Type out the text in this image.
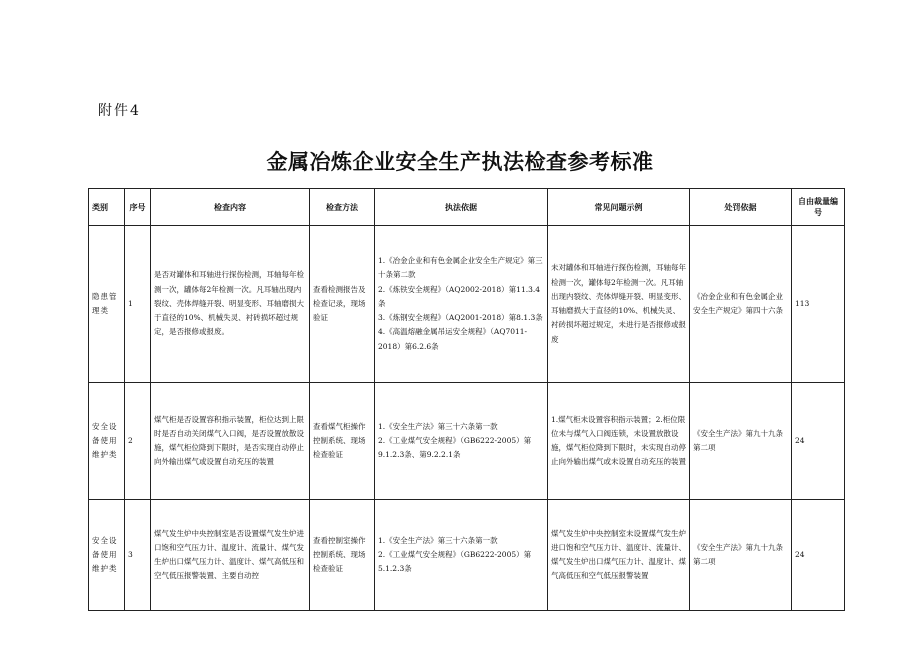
附件4
金属冶炼企业安全生产执法检查参考标准
类别	序号	检查内容	检查方法	执法依据	常见问题示例	处罚依据	自由裁量编号
隐患管理类	1	是否对罐体和耳轴进行探伤检测，耳轴每年检测一次，罐体每2年检测一次。凡耳轴出现内裂纹、壳体焊缝开裂、明显变形、耳轴磨损大于直径的10%、机械失灵、衬砖损坏超过规定，是否报修或报废。	查看检测报告及检查记录，现场验证	1.《冶金企业和有色金属企业安全生产规定》第三十条第二款
2.《炼铁安全规程》（AQ2002-2018）第11.3.4条
3.《炼钢安全规程》（AQ2001-2018）第8.1.3条
4.《高温熔融金属吊运安全规程》（AQ7011-2018）第6.2.6条	未对罐体和耳轴进行探伤检测，耳轴每年检测一次，罐体每2年检测一次。凡耳轴出现内裂纹、壳体焊缝开裂、明显变形、耳轴磨损大于直径的10%、机械失灵、衬砖损坏超过规定，未进行是否报修或报废	《冶金企业和有色金属企业安全生产规定》第四十六条	113
安全设备使用维护类	2	煤气柜是否设置容积指示装置，柜位达到上限时是否自动关闭煤气入口阀，是否设置放散设施，煤气柜位降到下限时，是否实现自动停止向外输出煤气或设置自动充压的装置	查看煤气柜操作控制系统、现场检查验证	1.《安全生产法》第三十六条第一款
2.《工业煤气安全规程》（GB6222-2005）第9.1.2.3条、第9.2.2.1条	1.煤气柜未设置容积指示装置；2.柜位限位未与煤气入口阀连锁，未设置放散设施，煤气柜位降到下限时，未实现自动停止向外输出煤气或未设置自动充压的装置	《安全生产法》第九十九条第二项	24
安全设备使用维护类	3	煤气发生炉中央控制室是否设置煤气发生炉进口饱和空气压力计、温度计、流量计、煤气发生炉出口煤气压力计、温度计、煤气高低压和空气低压报警装置、主要自动控	查看控制室操作控制系统、现场检查验证	1.《安全生产法》第三十六条第一款
2.《工业煤气安全规程》（GB6222-2005）第5.1.2.3条	煤气发生炉中央控制室未设置煤气发生炉进口饱和空气压力计、温度计、流量计、煤气发生炉出口煤气压力计、温度计、煤气高低压和空气低压报警装置	《安全生产法》第九十九条第二项	24
